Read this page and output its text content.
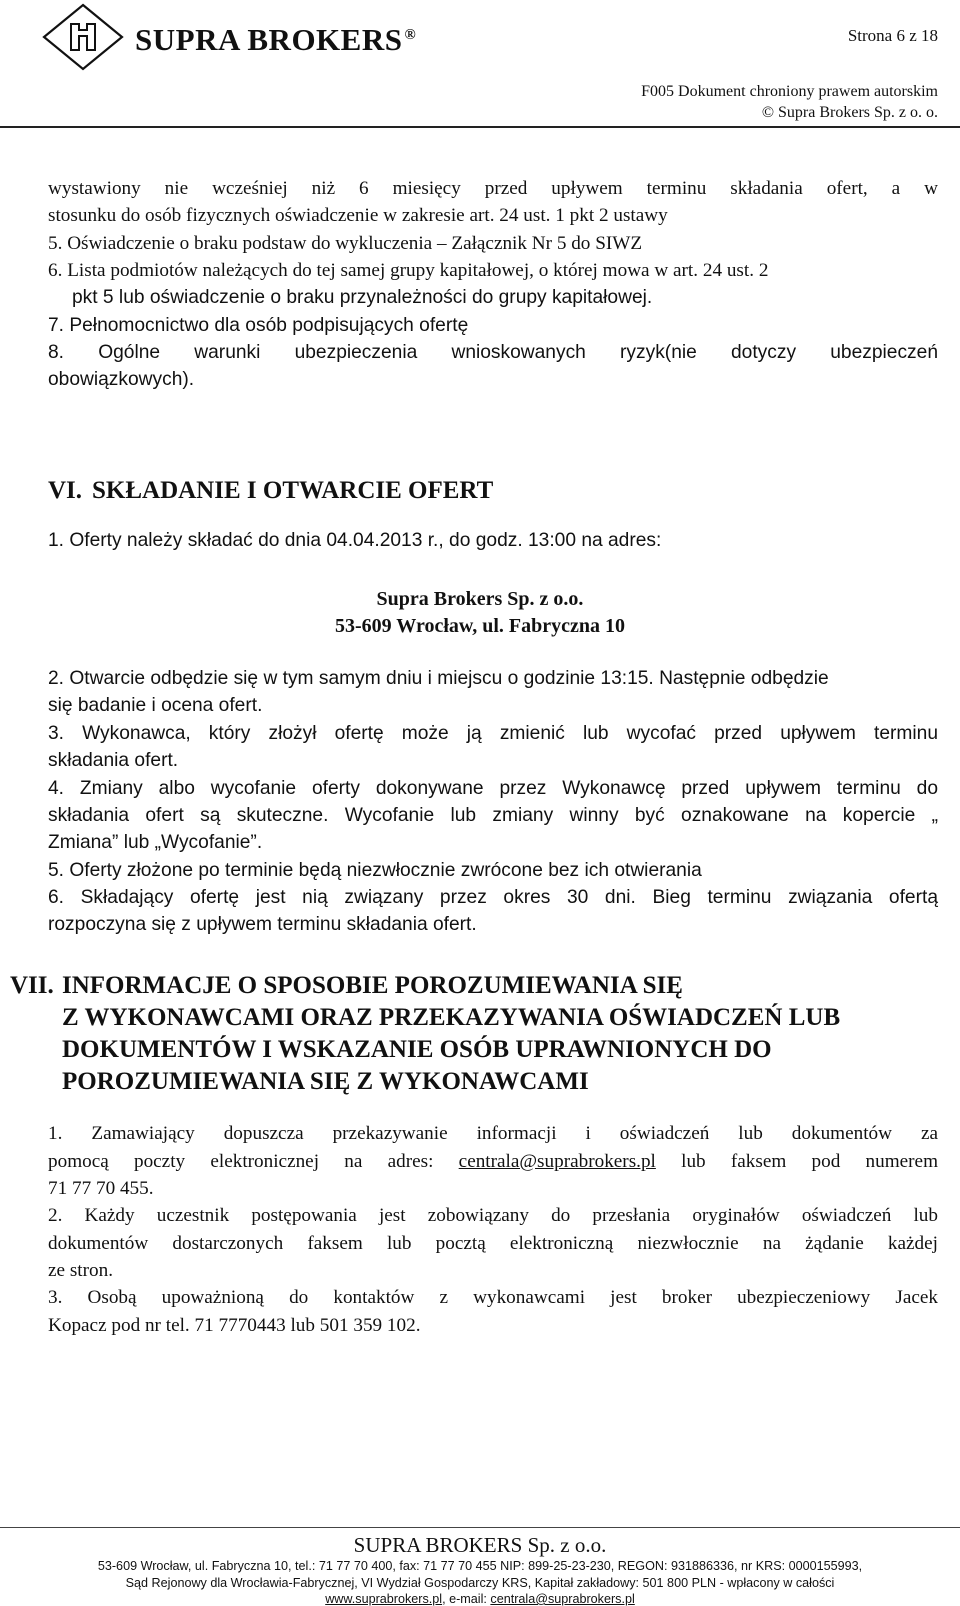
SUPRA BROKERS ®	Strona 6 z 18
F005 Dokument chroniony prawem autorskim
© Supra Brokers Sp. z o. o.
wystawiony nie wcześniej niż 6 miesięcy przed upływem terminu składania ofert, a w
stosunku do osób fizycznych oświadczenie w zakresie art. 24 ust. 1 pkt 2 ustawy
5. Oświadczenie o braku podstaw do wykluczenia – Załącznik Nr 5 do SIWZ
6. Lista podmiotów należących do tej samej grupy kapitałowej, o której mowa w art. 24 ust. 2
pkt 5 lub oświadczenie o braku przynależności do grupy kapitałowej.
7. Pełnomocnictwo dla osób podpisujących ofertę
8. Ogólne warunki ubezpieczenia wnioskowanych ryzyk(nie dotyczy ubezpieczeń
obowiązkowych).
VI. SKŁADANIE I OTWARCIE OFERT
1. Oferty należy składać do dnia 04.04.2013 r., do godz. 13:00 na adres:
Supra Brokers Sp. z o.o.
53-609 Wrocław, ul. Fabryczna 10
2. Otwarcie odbędzie się w tym samym dniu i miejscu o godzinie 13:15. Następnie odbędzie
się badanie i ocena ofert.
3. Wykonawca, który złożył ofertę może ją zmienić lub wycofać przed upływem terminu
składania ofert.
4. Zmiany albo wycofanie oferty dokonywane przez Wykonawcę przed upływem terminu do
składania ofert są skuteczne. Wycofanie lub zmiany winny być oznakowane na kopercie „
Zmiana” lub „Wycofanie”.
5. Oferty złożone po terminie będą niezwłocznie zwrócone bez ich otwierania
6. Składający ofertę jest nią związany przez okres 30 dni. Bieg terminu związania ofertą
rozpoczyna się z upływem terminu składania ofert.
VII. INFORMACJE O SPOSOBIE POROZUMIEWANIA SIĘ
Z WYKONAWCAMI ORAZ PRZEKAZYWANIA OŚWIADCZEŃ LUB
DOKUMENTÓW I WSKAZANIE OSÓB UPRAWNIONYCH DO
POROZUMIEWANIA SIĘ Z WYKONAWCAMI
1. Zamawiający dopuszcza przekazywanie informacji i oświadczeń lub dokumentów za
pomocą poczty elektronicznej na adres: centrala@suprabrokers.pl lub faksem pod numerem
71 77 70 455.
2. Każdy uczestnik postępowania jest zobowiązany do przesłania oryginałów oświadczeń lub
dokumentów dostarczonych faksem lub pocztą elektroniczną niezwłocznie na żądanie każdej
ze stron.
3. Osobą upoważnioną do kontaktów z wykonawcami jest broker ubezpieczeniowy Jacek
Kopacz pod nr tel. 71 7770443 lub 501 359 102.
SUPRA BROKERS Sp. z o.o.
53-609 Wrocław, ul. Fabryczna 10, tel.: 71 77 70 400, fax: 71 77 70 455 NIP: 899-25-23-230, REGON: 931886336, nr KRS: 0000155993,
Sąd Rejonowy dla Wrocławia-Fabrycznej, VI Wydział Gospodarczy KRS, Kapitał zakładowy: 501 800 PLN - wpłacony w całości
www.suprabrokers.pl, e-mail: centrala@suprabrokers.pl
